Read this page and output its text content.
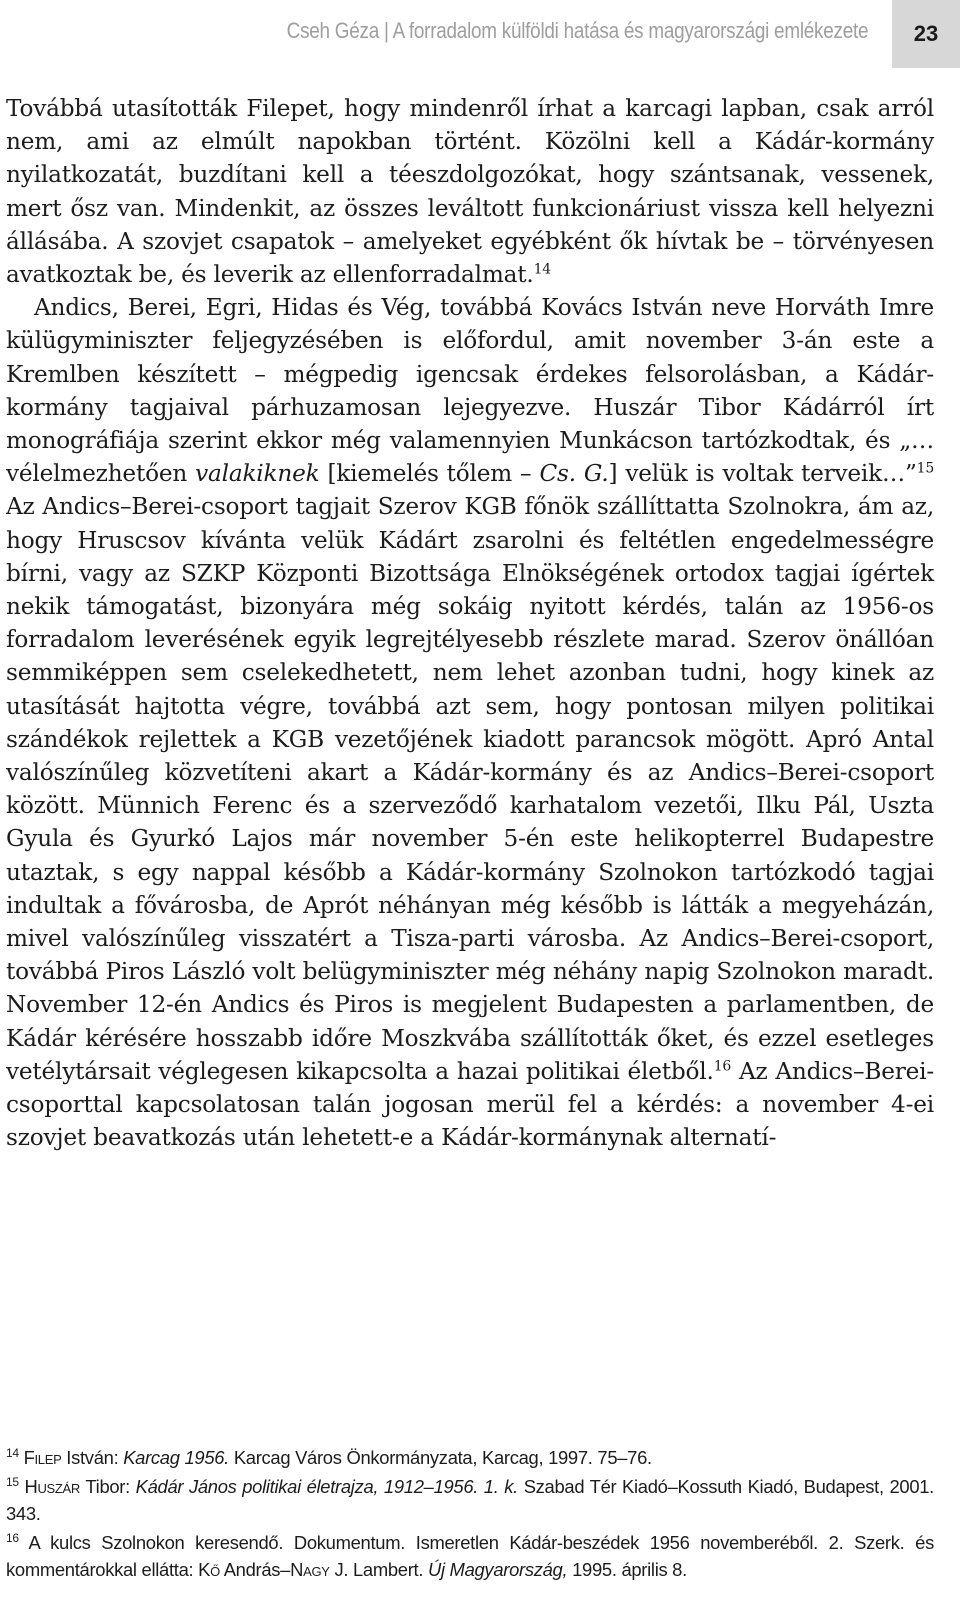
Cseh Géza | A forradalom külföldi hatása és magyarországi emlékezete	23

Továbbá utasították Filepet, hogy mindenről írhat a karcagi lapban, csak arról nem, ami az elmúlt napokban történt. Közölni kell a Kádár-kormány nyilatkozatát, buzdítani kell a téeszdolgozókat, hogy szántsanak, vessenek, mert ősz van. Mindenkit, az összes leváltott funkcionáriust vissza kell helyezni állásába. A szovjet csapatok – amelyeket egyébként ők hívtak be – törvényesen avatkoztak be, és leverik az ellenforradalmat.$^{14}$

Andics, Berei, Egri, Hidas és Vég, továbbá Kovács István neve Horváth Imre külügyminiszter feljegyzésében is előfordul, amit november 3-án este a Kremlben készített – mégpedig igencsak érdekes felsorolásban, a Kádár-kormány tagjaival párhuzamosan lejegyezve. Huszár Tibor Kádárról írt monográfiája szerint ekkor még valamennyien Munkácson tartózkodtak, és „…vélelmezhetően valakiknek [kiemelés tőlem – Cs. G.] velük is voltak terveik…”$^{15}$ Az Andics–Berei-csoport tagjait Szerov KGB főnök szállíttatta Szolnokra, ám az, hogy Hruscsov kívánta velük Kádárt zsarolni és feltétlen engedelmességre bírni, vagy az SZKP Központi Bizottsága Elnökségének ortodox tagjai ígértek nekik támogatást, bizonyára még sokáig nyitott kérdés, talán az 1956-os forradalom leverésének egyik legrejtélyesebb részlete marad. Szerov önállóan semmiképpen sem cselekedhetett, nem lehet azonban tudni, hogy kinek az utasítását hajtotta végre, továbbá azt sem, hogy pontosan milyen politikai szándékok rejlettek a KGB vezetőjének kiadott parancsok mögött. Apró Antal valószínűleg közvetíteni akart a Kádár-kormány és az Andics–Berei-csoport között. Münnich Ferenc és a szerveződő karhatalom vezetői, Ilku Pál, Uszta Gyula és Gyurkó Lajos már november 5-én este helikopterrel Budapestre utaztak, s egy nappal később a Kádár-kormány Szolnokon tartózkodó tagjai indultak a fővárosba, de Aprót néhányan még később is látták a megyeházán, mivel valószínűleg visszatért a Tisza-parti városba. Az Andics–Berei-csoport, továbbá Piros László volt belügyminiszter még néhány napig Szolnokon maradt. November 12-én Andics és Piros is megjelent Budapesten a parlamentben, de Kádár kérésére hosszabb időre Moszkvába szállították őket, és ezzel esetleges vetélytársait véglegesen kikapcsolta a hazai politikai életből.$^{16}$ Az Andics–Berei-csoporttal kapcsolatosan talán jogosan merül fel a kérdés: a november 4-ei szovjet beavatkozás után lehetett-e a Kádár-kormánynak alternatí-

$^{14}$ Filep István: Karcag 1956. Karcag Város Önkormányzata, Karcag, 1997. 75–76.

$^{15}$ Huszár Tibor: Kádár János politikai életrajza, 1912–1956. 1. k. Szabad Tér Kiadó–Kossuth Kiadó, Budapest, 2001. 343.

$^{16}$ A kulcs Szolnokon keresendő. Dokumentum. Ismeretlen Kádár-beszédek 1956 novemberéből. 2. Szerk. és kommentárokkal ellátta: Kő András–Nagy J. Lambert. Új Magyarország, 1995. április 8.
